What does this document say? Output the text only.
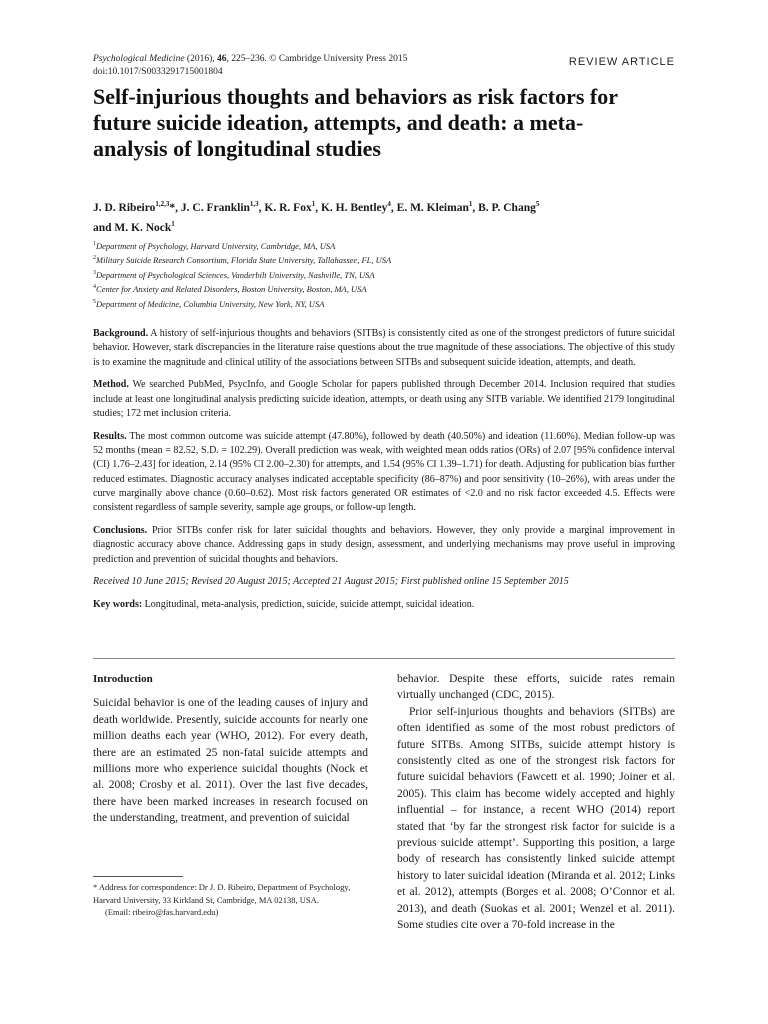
Psychological Medicine (2016), 46, 225–236. © Cambridge University Press 2015
doi:10.1017/S0033291715001804
REVIEW ARTICLE
Self-injurious thoughts and behaviors as risk factors for future suicide ideation, attempts, and death: a meta-analysis of longitudinal studies
J. D. Ribeiro$^{1,2,3}$*, J. C. Franklin$^{1,3}$, K. R. Fox$^1$, K. H. Bentley$^4$, E. M. Kleiman$^1$, B. P. Chang$^5$
and M. K. Nock$^1$
$^1$Department of Psychology, Harvard University, Cambridge, MA, USA
$^2$Military Suicide Research Consortium, Florida State University, Tallahassee, FL, USA
$^3$Department of Psychological Sciences, Vanderbilt University, Nashville, TN, USA
$^4$Center for Anxiety and Related Disorders, Boston University, Boston, MA, USA
$^5$Department of Medicine, Columbia University, New York, NY, USA

Background. A history of self-injurious thoughts and behaviors (SITBs) is consistently cited as one of the strongest predictors of future suicidal behavior. However, stark discrepancies in the literature raise questions about the true magnitude of these associations. The objective of this study is to examine the magnitude and clinical utility of the associations between SITBs and subsequent suicide ideation, attempts, and death.

Method. We searched PubMed, PsycInfo, and Google Scholar for papers published through December 2014. Inclusion required that studies include at least one longitudinal analysis predicting suicide ideation, attempts, or death using any SITB variable. We identified 2179 longitudinal studies; 172 met inclusion criteria.

Results. The most common outcome was suicide attempt (47.80%), followed by death (40.50%) and ideation (11.60%). Median follow-up was 52 months (mean = 82.52, S.D. = 102.29). Overall prediction was weak, with weighted mean odds ratios (ORs) of 2.07 [95% confidence interval (CI) 1.76–2.43] for ideation, 2.14 (95% CI 2.00–2.30) for attempts, and 1.54 (95% CI 1.39–1.71) for death. Adjusting for publication bias further reduced estimates. Diagnostic accuracy analyses indicated acceptable specificity (86–87%) and poor sensitivity (10–26%), with areas under the curve marginally above chance (0.60–0.62). Most risk factors generated OR estimates of <2.0 and no risk factor exceeded 4.5. Effects were consistent regardless of sample severity, sample age groups, or follow-up length.

Conclusions. Prior SITBs confer risk for later suicidal thoughts and behaviors. However, they only provide a marginal improvement in diagnostic accuracy above chance. Addressing gaps in study design, assessment, and underlying mechanisms may prove useful in improving prediction and prevention of suicidal thoughts and behaviors.

Received 10 June 2015; Revised 20 August 2015; Accepted 21 August 2015; First published online 15 September 2015

Key words: Longitudinal, meta-analysis, prediction, suicide, suicide attempt, suicidal ideation.

Introduction

Suicidal behavior is one of the leading causes of injury and death worldwide. Presently, suicide accounts for nearly one million deaths each year (WHO, 2012). For every death, there are an estimated 25 non-fatal suicide attempts and millions more who experience suicidal thoughts (Nock et al. 2008; Crosby et al. 2011). Over the last five decades, there have been marked increases in research focused on the understanding, treatment, and prevention of suicidal

behavior. Despite these efforts, suicide rates remain virtually unchanged (CDC, 2015).

Prior self-injurious thoughts and behaviors (SITBs) are often identified as some of the most robust predictors of future SITBs. Among SITBs, suicide attempt history is consistently cited as one of the strongest risk factors for future suicidal behaviors (Fawcett et al. 1990; Joiner et al. 2005). This claim has become widely accepted and highly influential – for instance, a recent WHO (2014) report stated that ‘by far the strongest risk factor for suicide is a previous suicide attempt’. Supporting this position, a large body of research has consistently linked suicide attempt history to later suicidal ideation (Miranda et al. 2012; Links et al. 2012), attempts (Borges et al. 2008; O’Connor et al. 2013), and death (Suokas et al. 2001; Wenzel et al. 2011). Some studies cite over a 70-fold increase in the

* Address for correspondence: Dr J. D. Ribeiro, Department of Psychology, Harvard University, 33 Kirkland St, Cambridge, MA 02138, USA.
(Email: ribeiro@fas.harvard.edu)
